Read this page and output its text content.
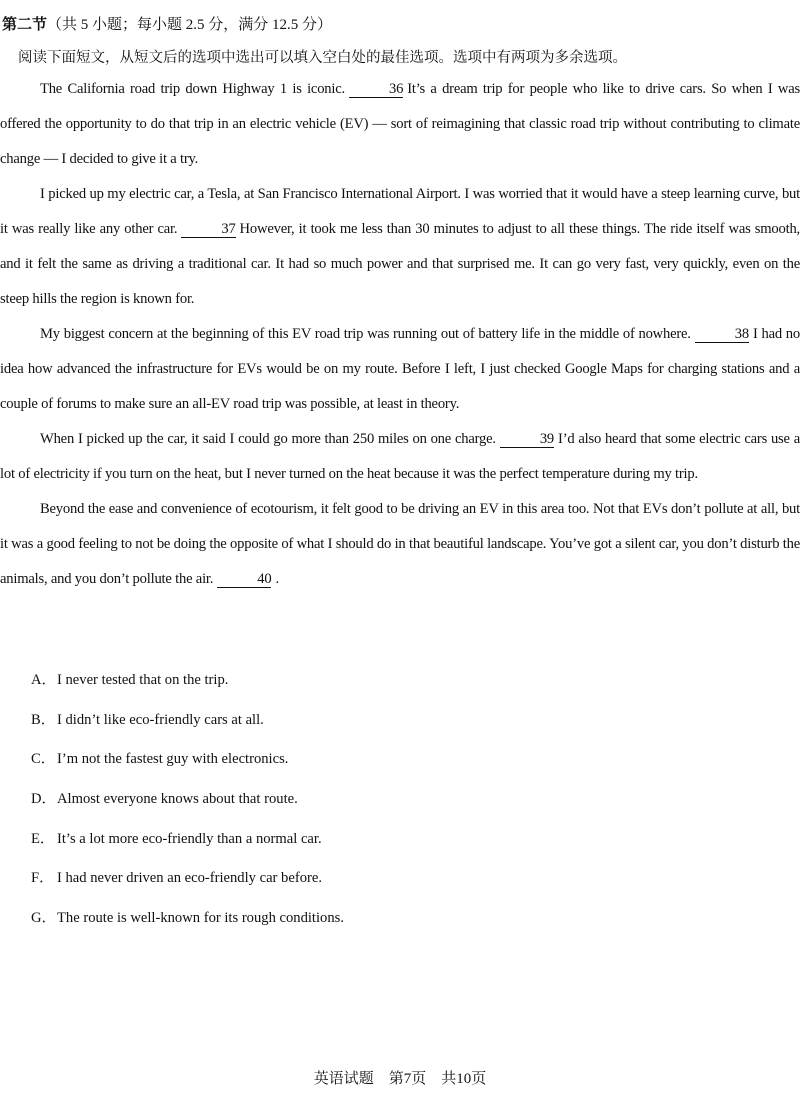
第二节（共 5 小题；每小题 2.5 分，满分 12.5 分）
阅读下面短文，从短文后的选项中选出可以填入空白处的最佳选项。选项中有两项为多余选项。

The California road trip down Highway 1 is iconic.	36 It’s a dream trip for people who like to drive cars. So when I was offered the opportunity to do that trip in an electric vehicle (EV) — sort of reimagining that classic road trip without contributing to climate change — I decided to give it a try.

I picked up my electric car, a Tesla, at San Francisco International Airport. I was worried that it would have a steep learning curve, but it was really like any other car.	37 However, it took me less than 30 minutes to adjust to all these things. The ride itself was smooth, and it felt the same as driving a traditional car. It had so much power and that surprised me. It can go very fast, very quickly, even on the steep hills the region is known for.

My biggest concern at the beginning of this EV road trip was running out of battery life in the middle of nowhere.	38 I had no idea how advanced the infrastructure for EVs would be on my route. Before I left, I just checked Google Maps for charging stations and a couple of forums to make sure an all-EV road trip was possible, at least in theory.

When I picked up the car, it said I could go more than 250 miles on one charge.	39 I’d also heard that some electric cars use a lot of electricity if you turn on the heat, but I never turned on the heat because it was the perfect temperature during my trip.

Beyond the ease and convenience of ecotourism, it felt good to be driving an EV in this area too. Not that EVs don’t pollute at all, but it was a good feeling to not be doing the opposite of what I should do in that beautiful landscape. You’ve got a silent car, you don’t disturb the animals, and you don’t pollute the air.	40 .

A．I never tested that on the trip.
B． I didn’t like eco-friendly cars at all.
C． I’m not the fastest guy with electronics.
D．Almost everyone knows about that route.
E． It’s a lot more eco-friendly than a normal car.
F． I had never driven an eco-friendly car before.
G．The route is well-known for its rough conditions.
英语试题　第7页　共10页
